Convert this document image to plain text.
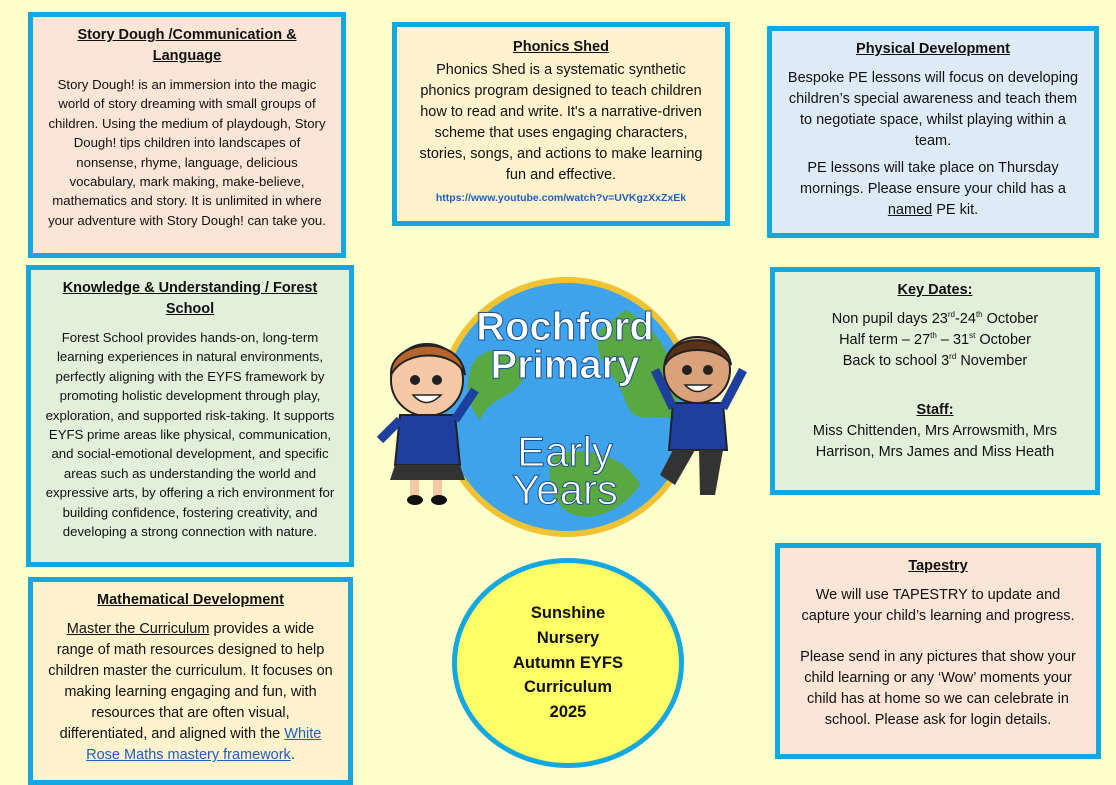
Story Dough /Communication & Language

Story Dough! is an immersion into the magic world of story dreaming with small groups of children. Using the medium of playdough, Story Dough! tips children into landscapes of nonsense, rhyme, language, delicious vocabulary, mark making, make-believe, mathematics and story. It is unlimited in where your adventure with Story Dough! can take you.

Phonics Shed

Phonics Shed is a systematic synthetic phonics program designed to teach children how to read and write. It's a narrative-driven scheme that uses engaging characters, stories, songs, and actions to make learning fun and effective.

https://www.youtube.com/watch?v=UVKgzXxZxEk
Physical Development

Bespoke PE lessons will focus on developing children’s special awareness and teach them to negotiate space, whilst playing within a team.

PE lessons will take place on Thursday mornings. Please ensure your child has a named PE kit.

Knowledge & Understanding / Forest School

Forest School provides hands-on, long-term learning experiences in natural environments, perfectly aligning with the EYFS framework by promoting holistic development through play, exploration, and supported risk-taking. It supports EYFS prime areas like physical, communication, and social-emotional development, and specific areas such as understanding the world and expressive arts, by offering a rich environment for building confidence, fostering creativity, and developing a strong connection with nature.

Key Dates:

Non pupil days 23rd-24th October
Half term – 27th – 31st October
Back to school 3rd November

Staff:

Miss Chittenden, Mrs Arrowsmith, Mrs Harrison, Mrs James and Miss Heath

Rochford
Primary
Early
Years
Mathematical Development

Master the Curriculum provides a wide range of math resources designed to help children master the curriculum. It focuses on making learning engaging and fun, with resources that are often visual, differentiated, and aligned with the White Rose Maths mastery framework.

Sunshine
Nursery
Autumn EYFS
Curriculum
2025
Tapestry

We will use TAPESTRY to update and capture your child’s learning and progress.

Please send in any pictures that show your child learning or any ‘Wow’ moments your child has at home so we can celebrate in school. Please ask for login details.
